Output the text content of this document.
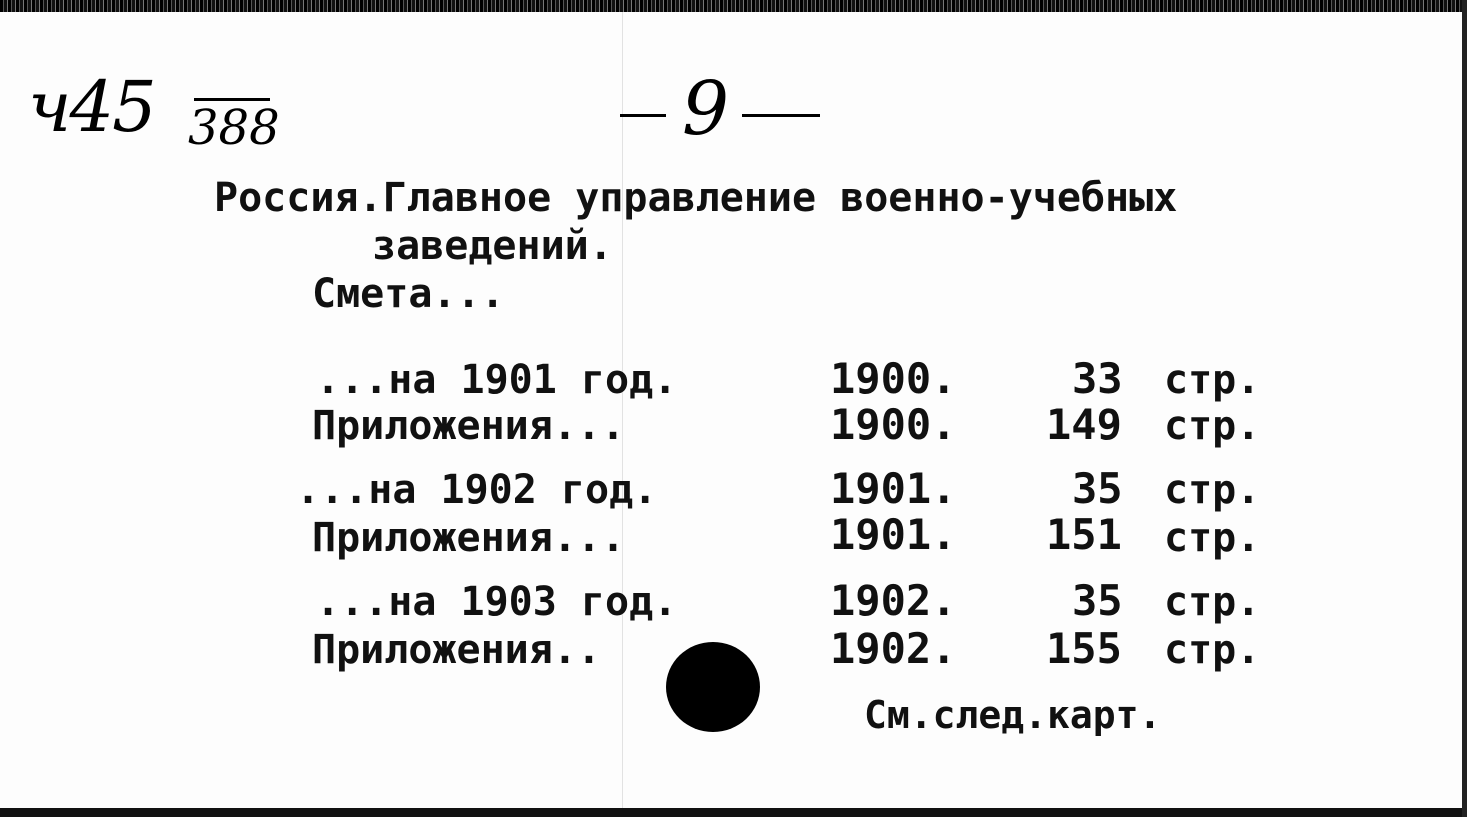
ч45 388	9
Россия.Главное управление военно-учебных
заведений.
Смета...
...на 1901 год.	1900.	33 стр.
Приложения...	1900. 149 стр.
...на 1902 год.	1901.	35 стр.
Приложения...	1901. 151 стр.
...на 1903 год.	1902.	35 стр.
Приложения..	1902. 155 стр.
См.след.карт.
